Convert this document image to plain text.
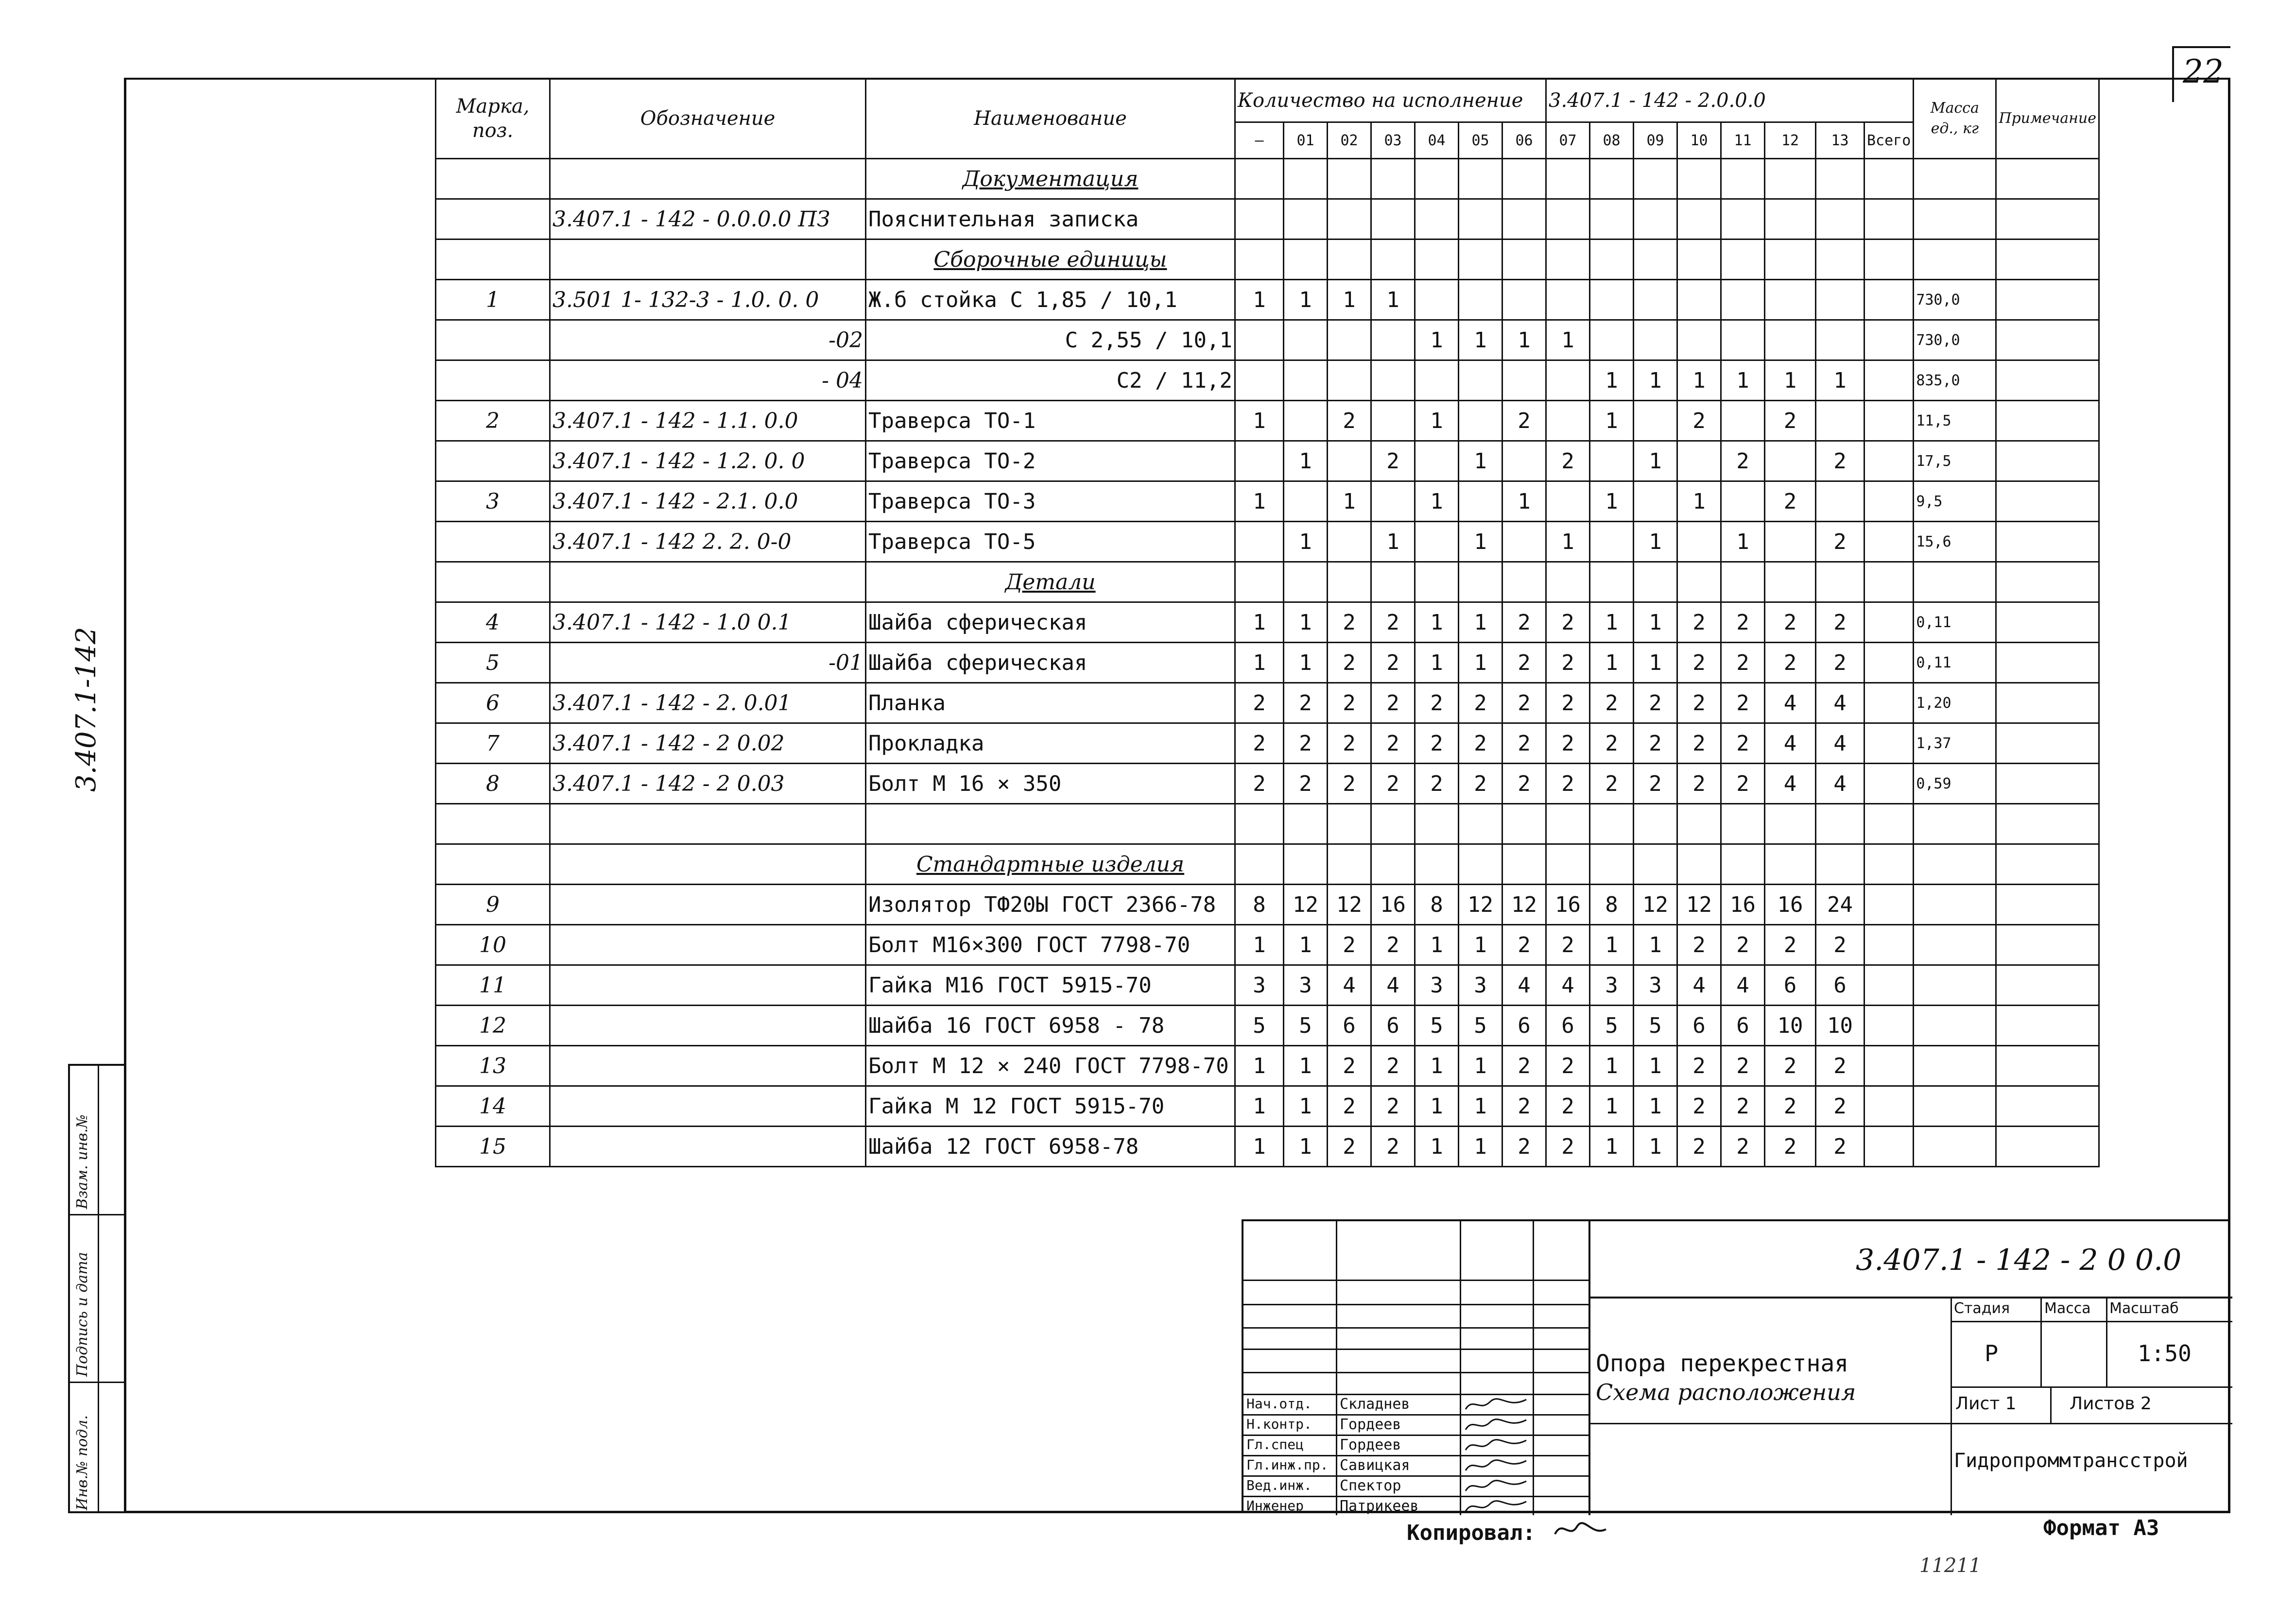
22
3.407.1-142
Инв.№ подл.
Подпись и дата
Взам. инв.№
Марка, поз.	Обозначение	Наименование	Количество на исполнение							3.407.1 - 142 - 2.0.0.0								Масса ед., кг	Примечание
			—	01	02	03	04	05	06	07	08	09	10	11	12	13	Всего		
		Документация																	
	3.407.1 - 142 - 0.0.0.0 ПЗ	Пояснительная записка																	
		Сборочные единицы																	
1	3.501 1- 132-3 - 1.0. 0. 0	Ж.б стойка С 1,85 / 10,1	1	1	1	1												730,0	
	-02	С 2,55 / 10,1					1	1	1	1								730,0	
	- 04	С2 / 11,2									1	1	1	1	1	1		835,0	
2	3.407.1 - 142 - 1.1. 0.0	Траверса ТО-1	1		2		1		2		1		2		2			11,5	
	3.407.1 - 142 - 1.2. 0. 0	Траверса ТО-2		1		2		1		2		1		2		2		17,5	
3	3.407.1 - 142 - 2.1. 0.0	Траверса ТО-3	1		1		1		1		1		1		2			9,5	
	3.407.1 - 142 2. 2. 0-0	Траверса ТО-5		1		1		1		1		1		1		2		15,6	
		Детали																	
4	3.407.1 - 142 - 1.0 0.1	Шайба сферическая	1	1	2	2	1	1	2	2	1	1	2	2	2	2		0,11	
5	-01	Шайба сферическая	1	1	2	2	1	1	2	2	1	1	2	2	2	2		0,11	
6	3.407.1 - 142 - 2. 0.01	Планка	2	2	2	2	2	2	2	2	2	2	2	2	4	4		1,20	
7	3.407.1 - 142 - 2 0.02	Прокладка	2	2	2	2	2	2	2	2	2	2	2	2	4	4		1,37	
8	3.407.1 - 142 - 2 0.03	Болт М 16 × 350	2	2	2	2	2	2	2	2	2	2	2	2	4	4		0,59	

		Стандартные изделия																	
9		Изолятор ТФ20Ы ГОСТ 2366-78	8	12	12	16	8	12	12	16	8	12	12	16	16	24			
10		Болт М16×300 ГОСТ 7798-70	1	1	2	2	1	1	2	2	1	1	2	2	2	2			
11		Гайка М16 ГОСТ 5915-70	3	3	4	4	3	3	4	4	3	3	4	4	6	6			
12		Шайба 16 ГОСТ 6958 - 78	5	5	6	6	5	5	6	6	5	5	6	6	10	10			
13		Болт М 12 × 240 ГОСТ 7798-70	1	1	2	2	1	1	2	2	1	1	2	2	2	2			
14		Гайка М 12 ГОСТ 5915-70	1	1	2	2	1	1	2	2	1	1	2	2	2	2			
15		Шайба 12 ГОСТ 6958-78	1	1	2	2	1	1	2	2	1	1	2	2	2	2			
3.407.1 - 142 - 2 0 0.0
Опора перекрестная
Схема расположения
Стадия Масса Масштаб
Р	1:50
Лист 1	Листов 2
Гидропроммтрансстрой
Нач.отд. Складнев
Н.контр. Гордеев
Гл.спец Гордеев
Гл.инж.пр. Савицкая
Вед.инж. Спектор
Инженер Патрикеев
Копировал:	Формат А3
11211
